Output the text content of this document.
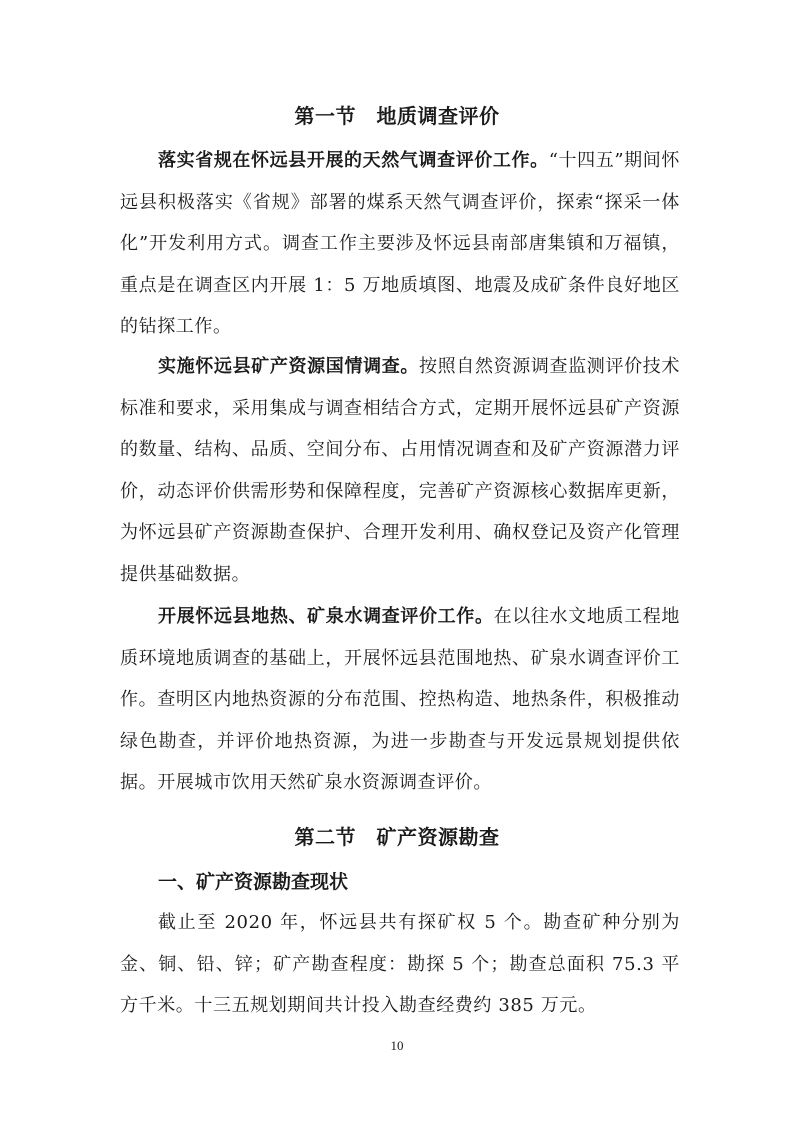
第一节　地质调查评价

落实省规在怀远县开展的天然气调查评价工作。“十四五”期间怀远县积极落实《省规》部署的煤系天然气调查评价，探索“探采一体化”开发利用方式。调查工作主要涉及怀远县南部唐集镇和万福镇，重点是在调查区内开展 1：5 万地质填图、地震及成矿条件良好地区的钻探工作。

实施怀远县矿产资源国情调查。按照自然资源调查监测评价技术标准和要求，采用集成与调查相结合方式，定期开展怀远县矿产资源的数量、结构、品质、空间分布、占用情况调查和及矿产资源潜力评价，动态评价供需形势和保障程度，完善矿产资源核心数据库更新，为怀远县矿产资源勘查保护、合理开发利用、确权登记及资产化管理提供基础数据。

开展怀远县地热、矿泉水调查评价工作。在以往水文地质工程地质环境地质调查的基础上，开展怀远县范围地热、矿泉水调查评价工作。查明区内地热资源的分布范围、控热构造、地热条件，积极推动绿色勘查，并评价地热资源，为进一步勘查与开发远景规划提供依据。开展城市饮用天然矿泉水资源调查评价。

第二节　矿产资源勘查
一、矿产资源勘查现状

截止至 2020 年，怀远县共有探矿权 5 个。勘查矿种分别为金、铜、铅、锌；矿产勘查程度：勘探 5 个；勘查总面积 75.3 平方千米。十三五规划期间共计投入勘查经费约 385 万元。

10
